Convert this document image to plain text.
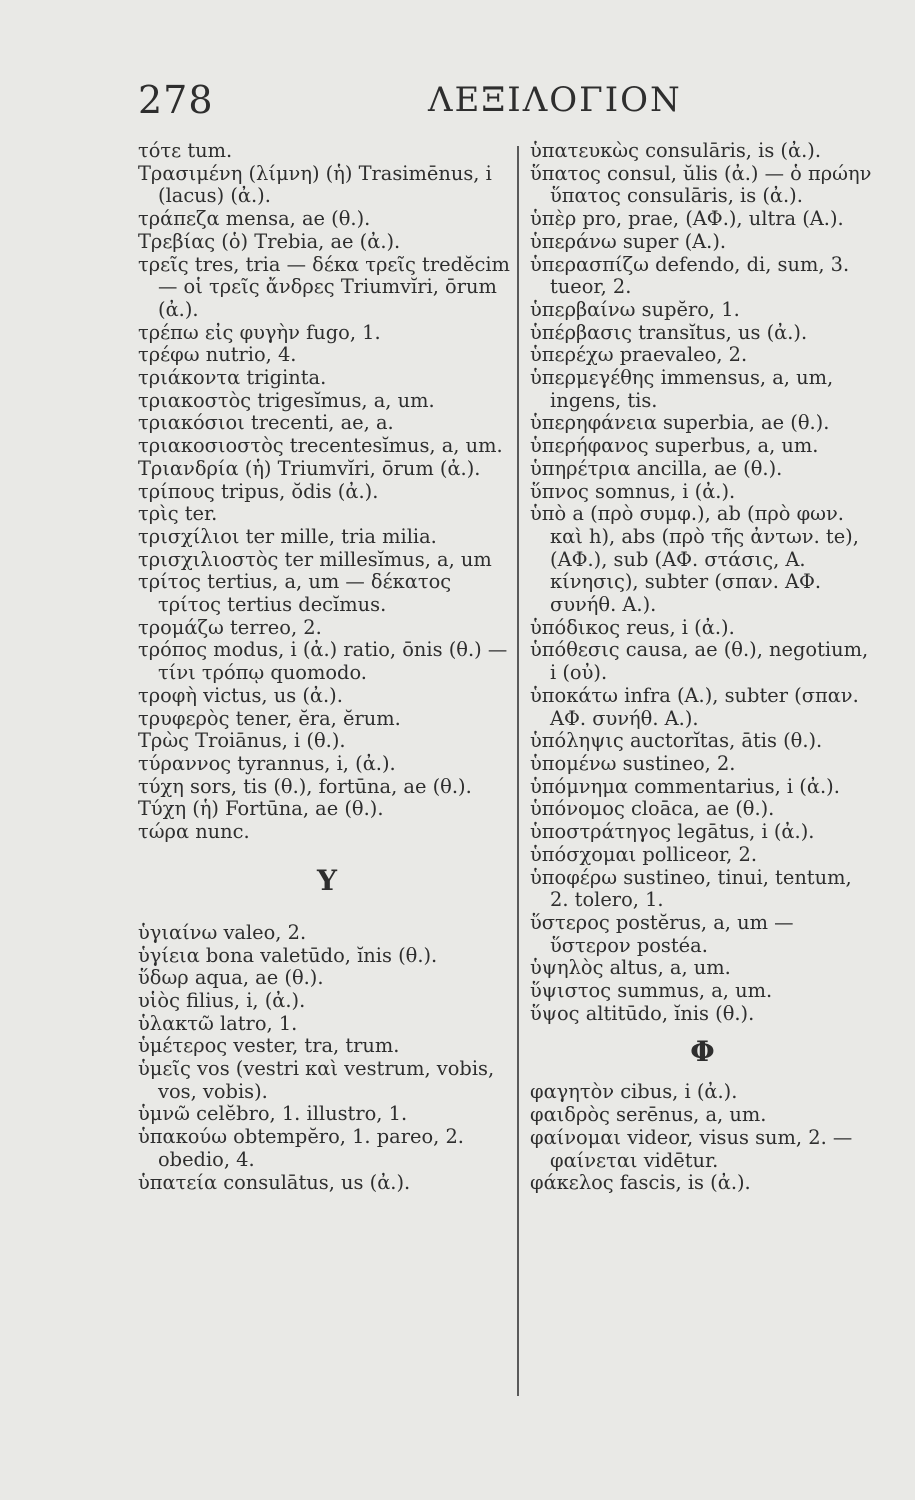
278	ΛΕΞΙΛΟΓΙΟΝ

τότε tum.

Τρασιμένη (λίμνη) (ἡ) Trasimēnus, i (lacus) (ἀ.).

τράπεζα mensa, ae (θ.).

Τρεβίας (ὁ) Trebia, ae (ἀ.).

τρεῖς tres, tria — δέκα τρεῖς tredĕcim — οἱ τρεῖς ἄνδρες Triumvĭri, ōrum (ἀ.).

τρέπω εἰς φυγὴν fugo, 1.

τρέφω nutrio, 4.

τριάκοντα triginta.

τριακοστὸς trigesĭmus, a, um.

τριακόσιοι trecenti, ae, a.

τριακοσιοστὸς trecentesĭmus, a, um.

Τριανδρία (ἡ) Triumvĭri, ōrum (ἀ.).

τρίπους tripus, ŏdis (ἀ.).

τρὶς ter.

τρισχίλιοι ter mille, tria milia.

τρισχιλιοστὸς ter millesĭmus, a, um

τρίτος tertius, a, um — δέκατος τρίτος tertius decĭmus.

τρομάζω terreo, 2.

τρόπος modus, i (ἀ.) ratio, ōnis (θ.) — τίνι τρόπῳ quomodo.

τροφὴ victus, us (ἀ.).

τρυφερὸς tener, ĕra, ĕrum.

Τρὼς Troiānus, i (θ.).

τύραννος tyrannus, i, (ἀ.).

τύχη sors, tis (θ.), fortūna, ae (θ.).

Τύχη (ἡ) Fortūna, ae (θ.).

τώρα nunc.

Υ

ὑγιαίνω valeo, 2.

ὑγίεια bona valetūdo, ĭnis (θ.).

ὕδωρ aqua, ae (θ.).

υἱὸς filius, i, (ἀ.).

ὑλακτῶ latro, 1.

ὑμέτερος vester, tra, trum.

ὑμεῖς vos (vestri καὶ vestrum, vobis, vos, vobis).

ὑμνῶ celĕbro, 1. illustro, 1.

ὑπακούω obtempĕro, 1. pareo, 2. obedio, 4.

ὑπατεία consulātus, us (ἀ.).

ὑπατευκὼς consulāris, is (ἀ.).

ὕπατος consul, ŭlis (ἀ.) — ὁ πρώην ὕπατος consulāris, is (ἀ.).

ὑπὲρ pro, prae, (ΑΦ.), ultra (Α.).

ὑπεράνω super (Α.).

ὑπερασπίζω defendo, di, sum, 3. tueor, 2.

ὑπερβαίνω supĕro, 1.

ὑπέρβασις transĭtus, us (ἀ.).

ὑπερέχω praevaleo, 2.

ὑπερμεγέθης immensus, a, um, ingens, tis.

ὑπερηφάνεια superbia, ae (θ.).

ὑπερήφανος superbus, a, um.

ὑπηρέτρια ancilla, ae (θ.).

ὕπνος somnus, i (ἀ.).

ὑπὸ a (πρὸ συμφ.), ab (πρὸ φων. καὶ h), abs (πρὸ τῆς ἀντων. te), (ΑΦ.), sub (ΑΦ. στάσις, Α. κίνησις), subter (σπαν. ΑΦ. συνήθ. Α.).

ὑπόδικος reus, i (ἀ.).

ὑπόθεσις causa, ae (θ.), negotium, i (οὐ).

ὑποκάτω infra (Α.), subter (σπαν. ΑΦ. συνήθ. Α.).

ὑπόληψις auctorĭtas, ātis (θ.).

ὑπομένω sustineo, 2.

ὑπόμνημα commentarius, i (ἀ.).

ὑπόνομος cloāca, ae (θ.).

ὑποστράτηγος legātus, i (ἀ.).

ὑπόσχομαι polliceor, 2.

ὑποφέρω sustineo, tinui, tentum, 2. tolero, 1.

ὕστερος postĕrus, a, um — ὕστερον postéa.

ὑψηλὸς altus, a, um.

ὕψιστος summus, a, um.

ὕψος altitūdo, ĭnis (θ.).

Φ

φαγητὸν cibus, i (ἀ.).

φαιδρὸς serēnus, a, um.

φαίνομαι videor, visus sum, 2. — φαίνεται vidētur.

φάκελος fascis, is (ἀ.).
